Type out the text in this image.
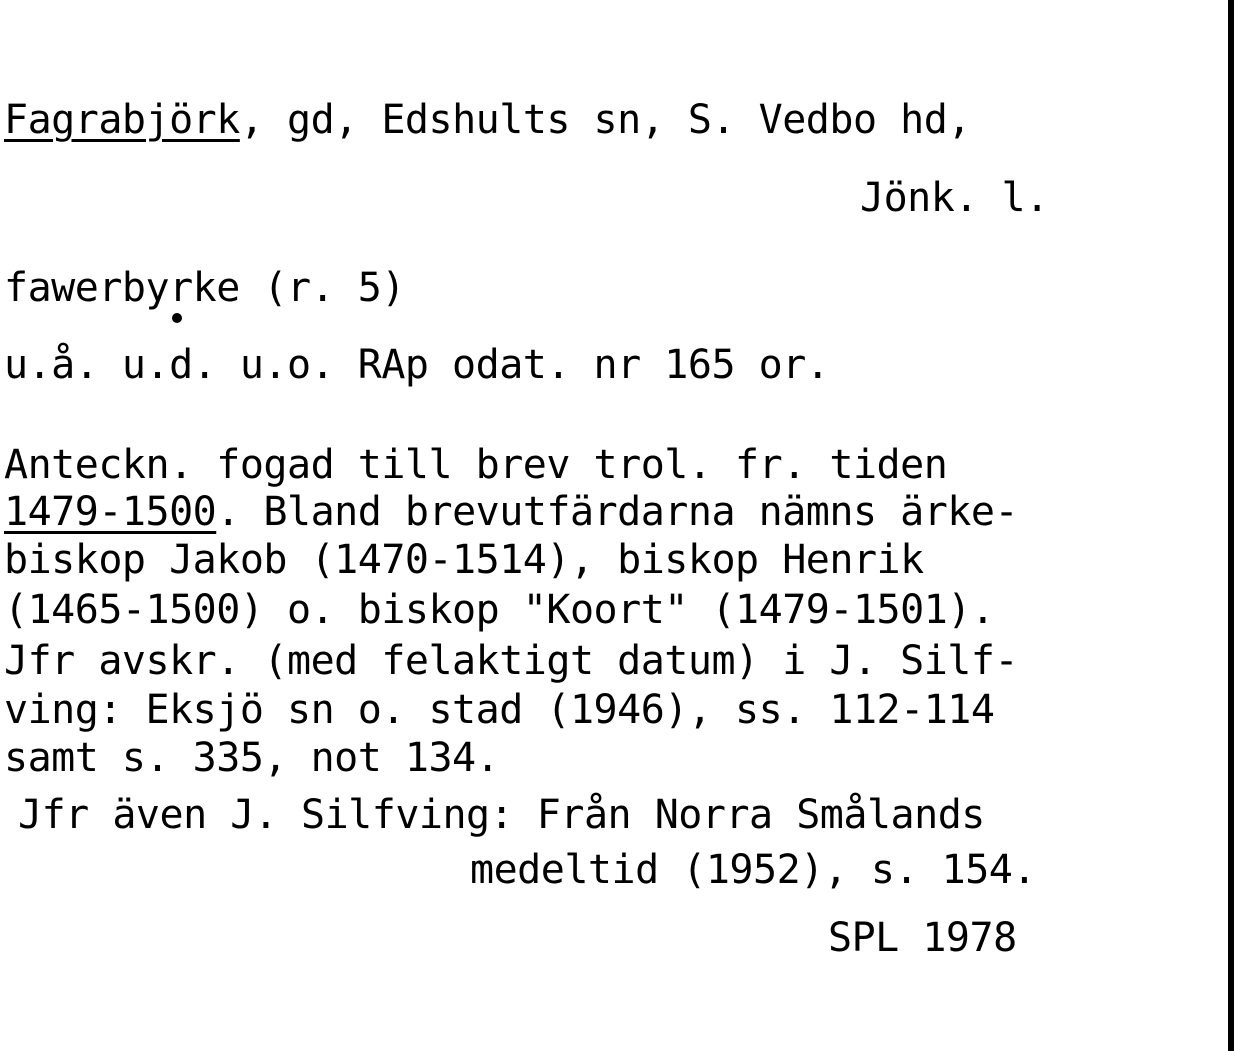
Fagrabjörk, gd, Edshults sn, S. Vedbo hd,
Jönk. l.
fawerbyrke (r. 5)
u.å. u.d. u.o. RAp odat. nr 165 or.
Anteckn. fogad till brev trol. fr. tiden
1479-1500. Bland brevutfärdarna nämns ärke-
biskop Jakob (1470-1514), biskop Henrik
(1465-1500) o. biskop "Koort" (1479-1501).
Jfr avskr. (med felaktigt datum) i J. Silf-
ving: Eksjö sn o. stad (1946), ss. 112-114
samt s. 335, not 134.
Jfr även J. Silfving: Från Norra Smålands
medeltid (1952), s. 154.
SPL 1978
